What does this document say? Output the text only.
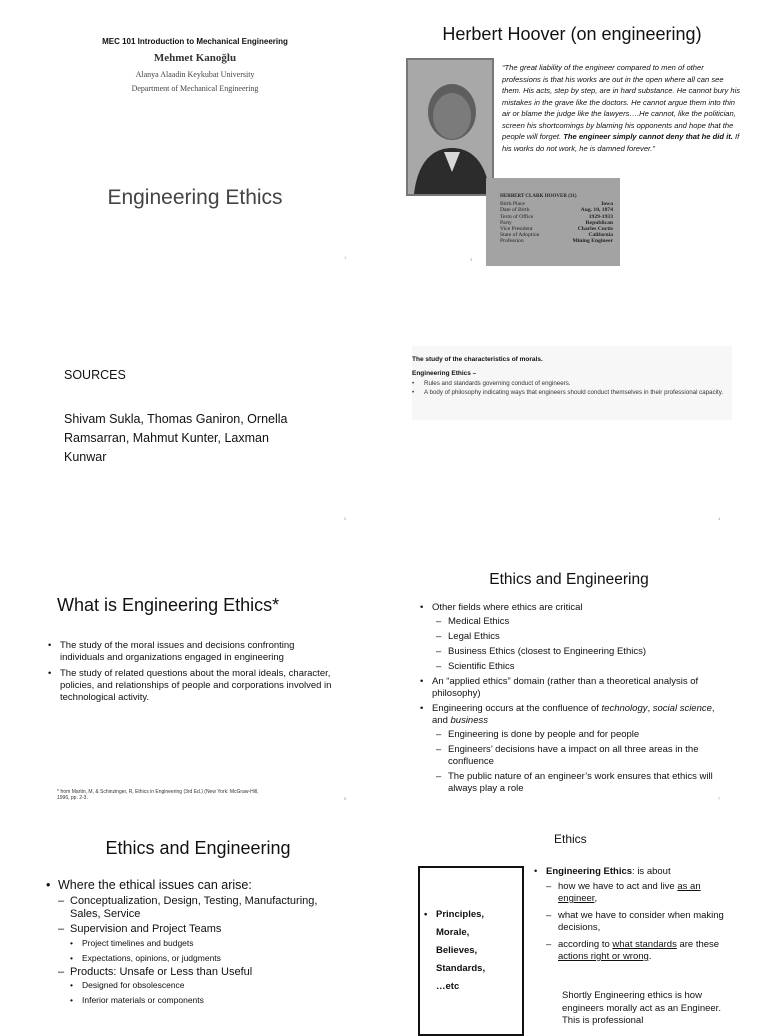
MEC 101 Introduction to Mechanical Engineering
Mehmet Kanoğlu
Alanya Alaadin Keykubat University
Department of Mechanical Engineering
Engineering Ethics
1
Herbert Hoover (on engineering)
“The great liability of the engineer compared to men of other professions is that his works are out in the open where all can see them. His acts, step by step, are in hard substance. He cannot bury his mistakes in the grave like the doctors. He cannot argue them into thin air or blame the judge like the lawyers….He cannot, like the politician, screen his shortcomings by blaming his opponents and hope that the people will forget. The engineer simply cannot deny that he did it. If his works do not work, he is damned forever.”
HERBERT CLARK HOOVER (31)
Birth Place	Iowa
Date of Birth	Aug. 10, 1874
Term of Office	1929-1933
Party	Republican
Vice President	Charles Curtis
State of Adoption	California
Profession	Mining Engineer
3
SOURCES
Shivam Sukla, Thomas Ganiron, Ornella Ramsarran, Mahmut Kunter, Laxman Kunwar
2
The study of the characteristics of morals.
Engineering Ethics –
• Rules and standards governing conduct of engineers.
• A body of philosophy indicating ways that engineers should conduct themselves in their professional capacity.
4
What is Engineering Ethics*
• The study of the moral issues and decisions confronting individuals and organizations engaged in engineering
• The study of related questions about the moral ideals, character, policies, and relationships of people and corporations involved in technological activity.
* from Martin, M, & Schinzinger, R, Ethics in Engineering (3rd Ed.) (New York: McGraw-Hill, 1996, pp. 2-3.	5
Ethics and Engineering
• Other fields where ethics are critical
– Medical Ethics
– Legal Ethics
– Business Ethics (closest to Engineering Ethics)
– Scientific Ethics
• An “applied ethics” domain (rather than a theoretical analysis of philosophy)
• Engineering occurs at the confluence of technology, social science, and business
– Engineering is done by people and for people
– Engineers’ decisions have a impact on all three areas in the confluence
– The public nature of an engineer’s work ensures that ethics will always play a role
7
Ethics and Engineering
• Where the ethical issues can arise:
– Conceptualization, Design, Testing, Manufacturing, Sales, Service
– Supervision and Project Teams
• Project timelines and budgets
• Expectations, opinions, or judgments
– Products: Unsafe or Less than Useful
• Designed for obsolescence
• Inferior materials or components
Ethics
• Principles,
Morale,
Believes,
Standards,
…etc
• Engineering Ethics: is about
– how we have to act and live as an engineer,
– what we have to consider when making decisions,
– according to what standards are these actions right or wrong.
Shortly Engineering ethics is how engineers morally act as an Engineer. This is professional
